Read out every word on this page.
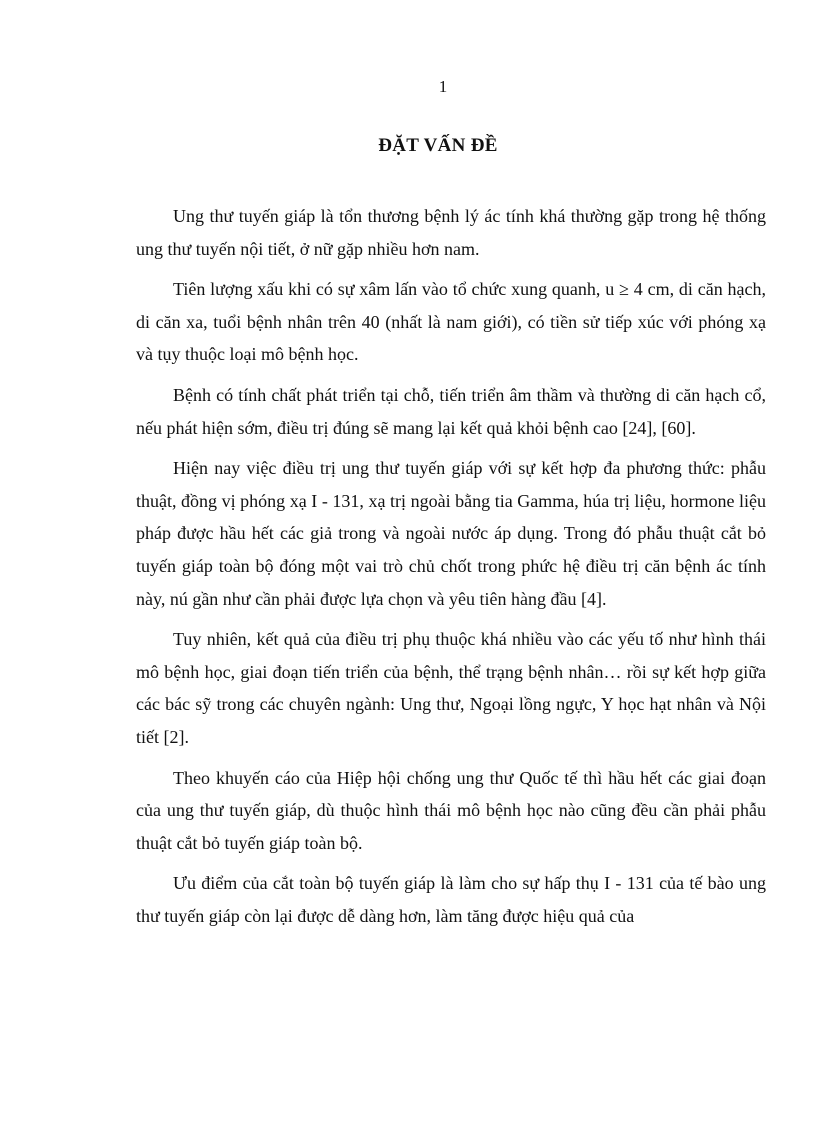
1
ĐẶT VẤN ĐỀ

Ung thư tuyến giáp là tổn thương bệnh lý ác tính khá thường gặp trong hệ thống ung thư tuyến nội tiết, ở nữ gặp nhiều hơn nam.

Tiên lượng xấu khi có sự xâm lấn vào tổ chức xung quanh, u ≥ 4 cm, di căn hạch, di căn xa, tuổi bệnh nhân trên 40 (nhất là nam giới), có tiền sử tiếp xúc với phóng xạ và tụy thuộc loại mô bệnh học.

Bệnh có tính chất phát triển tại chỗ, tiến triển âm thầm và thường di căn hạch cổ, nếu phát hiện sớm, điều trị đúng sẽ mang lại kết quả khỏi bệnh cao [24], [60].

Hiện nay việc điều trị ung thư tuyến giáp với sự kết hợp đa phương thức: phẫu thuật, đồng vị phóng xạ I - 131, xạ trị ngoài bằng tia Gamma, húa trị liệu, hormone liệu pháp được hầu hết các giả trong và ngoài nước áp dụng. Trong đó phẫu thuật cắt bỏ tuyến giáp toàn bộ đóng một vai trò chủ chốt trong phức hệ điều trị căn bệnh ác tính này, nú gần như cần phải được lựa chọn và yêu tiên hàng đầu [4].

Tuy nhiên, kết quả của điều trị phụ thuộc khá nhiều vào các yếu tố như hình thái mô bệnh học, giai đoạn tiến triển của bệnh, thể trạng bệnh nhân… rồi sự kết hợp giữa các bác sỹ trong các chuyên ngành: Ung thư, Ngoại lồng ngực, Y học hạt nhân và Nội tiết [2].

Theo khuyến cáo của Hiệp hội chống ung thư Quốc tế thì hầu hết các giai đoạn của ung thư tuyến giáp, dù thuộc hình thái mô bệnh học nào cũng đều cần phải phẫu thuật cắt bỏ tuyến giáp toàn bộ.

Ưu điểm của cắt toàn bộ tuyến giáp là làm cho sự hấp thụ I - 131 của tế bào ung thư tuyến giáp còn lại được dễ dàng hơn, làm tăng được hiệu quả của
